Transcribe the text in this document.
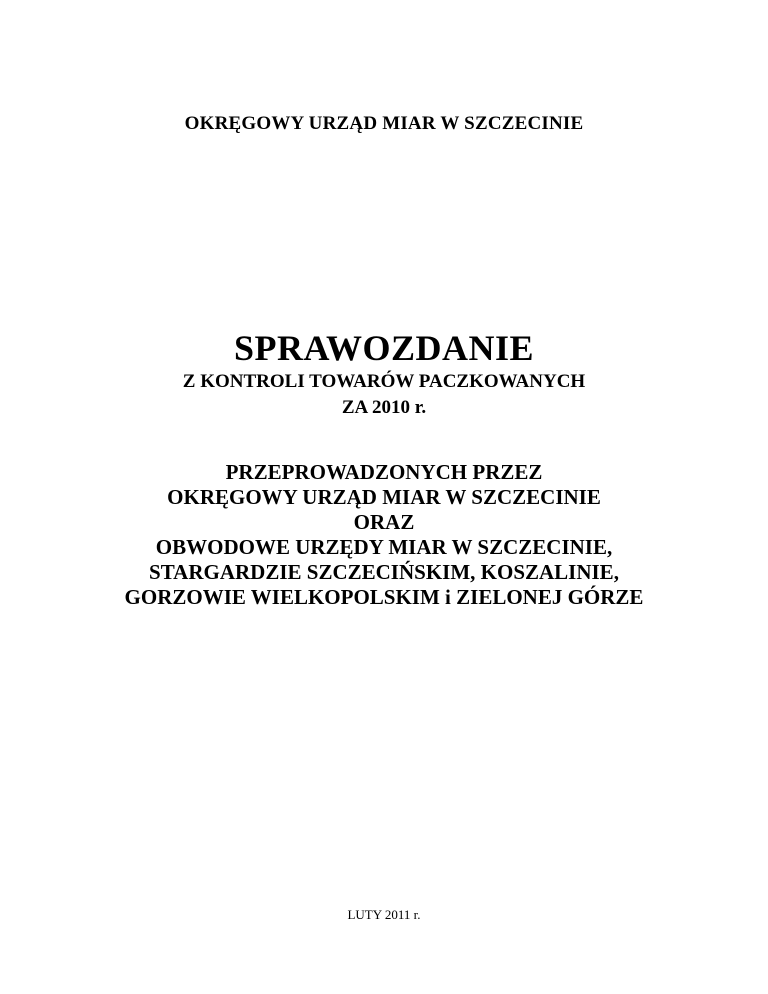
OKRĘGOWY URZĄD MIAR W SZCZECINIE

SPRAWOZDANIE

Z KONTROLI TOWARÓW PACZKOWANYCH

ZA 2010 r.

PRZEPROWADZONYCH PRZEZ
OKRĘGOWY URZĄD MIAR W SZCZECINIE
ORAZ
OBWODOWE URZĘDY MIAR W SZCZECINIE,
STARGARDZIE SZCZECIŃSKIM, KOSZALINIE,
GORZOWIE WIELKOPOLSKIM i ZIELONEJ GÓRZE

LUTY 2011 r.
